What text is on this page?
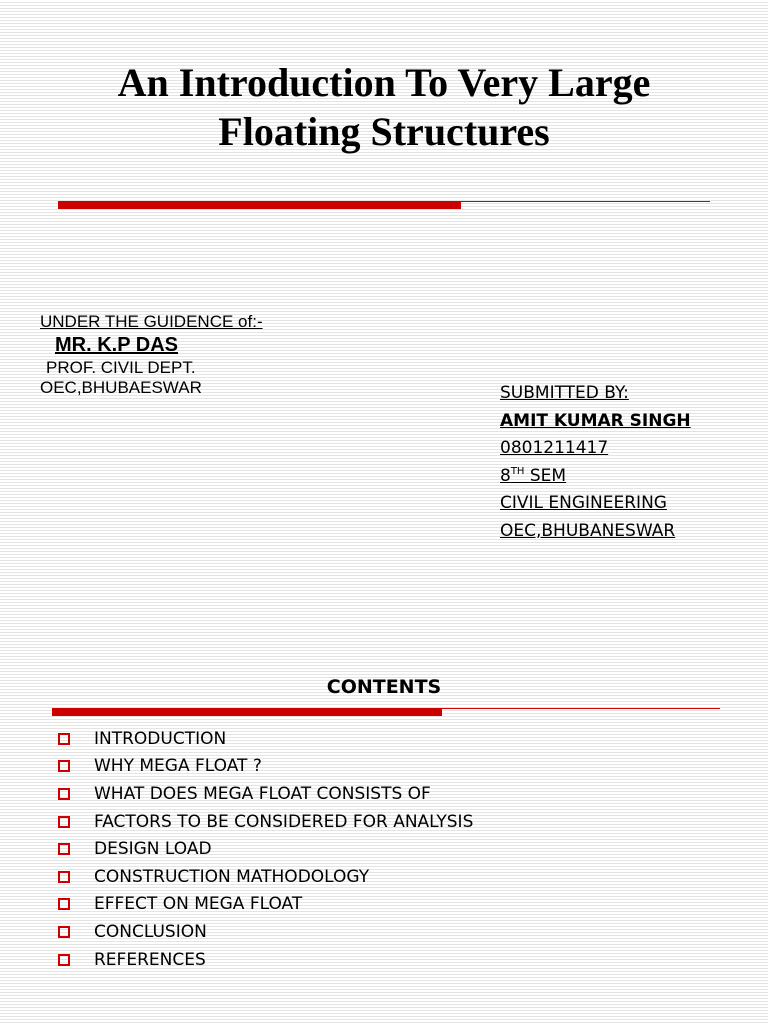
An Introduction To Very Large
Floating Structures
UNDER THE GUIDENCE of:-
MR. K.P DAS
PROF. CIVIL DEPT.
OEC,BHUBAESWAR	SUBMITTED BY:
AMIT KUMAR SINGH
0801211417
8TH SEM
CIVIL ENGINEERING
OEC,BHUBANESWAR
CONTENTS
INTRODUCTION
WHY MEGA FLOAT ?
WHAT DOES MEGA FLOAT CONSISTS OF
FACTORS TO BE CONSIDERED FOR ANALYSIS
DESIGN LOAD
CONSTRUCTION MATHODOLOGY
EFFECT ON MEGA FLOAT
CONCLUSION
REFERENCES
